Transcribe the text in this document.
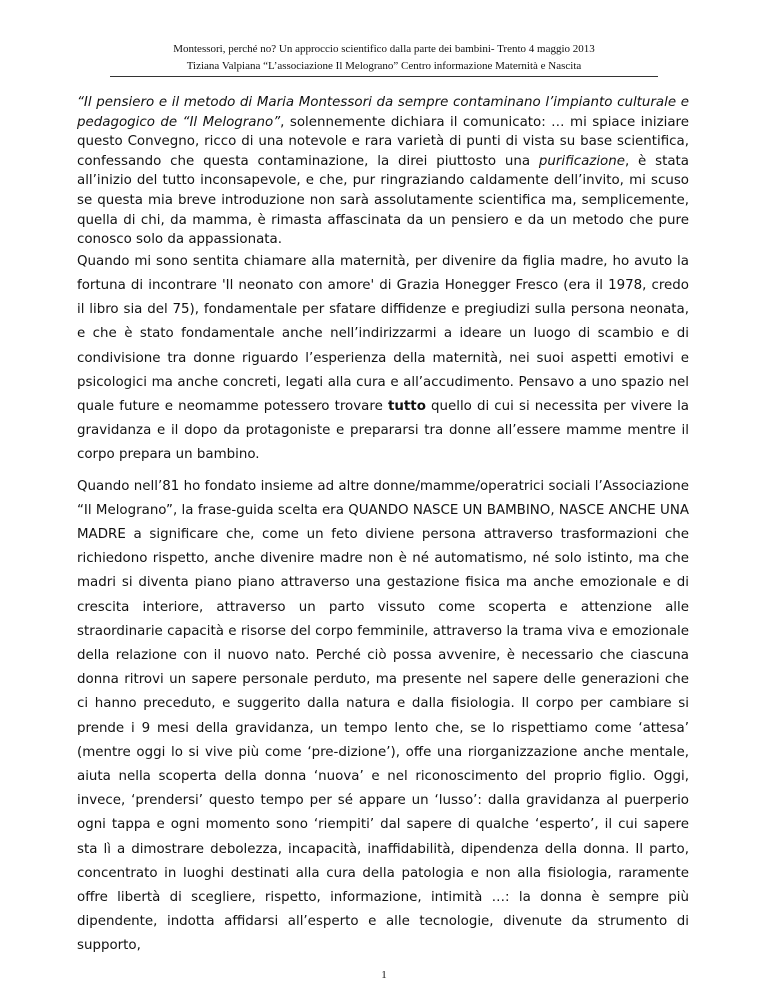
Montessori, perché no? Un approccio scientifico dalla parte dei bambini- Trento 4 maggio 2013
Tiziana Valpiana “L’associazione Il Melograno” Centro informazione Maternità e Nascita

“Il pensiero e il metodo di Maria Montessori da sempre contaminano l’impianto culturale e pedagogico de “Il Melograno”, solennemente dichiara il comunicato: … mi spiace iniziare questo Convegno, ricco di una notevole e rara varietà di punti di vista su base scientifica, confessando che questa contaminazione, la direi piuttosto una purificazione, è stata all’inizio del tutto inconsapevole, e che, pur ringraziando caldamente dell’invito, mi scuso se questa mia breve introduzione non sarà assolutamente scientifica ma, semplicemente, quella di chi, da mamma, è rimasta affascinata da un pensiero e da un metodo che pure conosco solo da appassionata.

Quando mi sono sentita chiamare alla maternità, per divenire da figlia madre, ho avuto la fortuna di incontrare 'Il neonato con amore' di Grazia Honegger Fresco (era il 1978, credo il libro sia del 75), fondamentale per sfatare diffidenze e pregiudizi sulla persona neonata, e che è stato fondamentale anche nell’indirizzarmi a ideare un luogo di scambio e di condivisione tra donne riguardo l’esperienza della maternità, nei suoi aspetti emotivi e psicologici ma anche concreti, legati alla cura e all’accudimento. Pensavo a uno spazio nel quale future e neomamme potessero trovare tutto quello di cui si necessita per vivere la gravidanza e il dopo da protagoniste e prepararsi tra donne all’essere mamme mentre il corpo prepara un bambino.

Quando nell’81 ho fondato insieme ad altre donne/mamme/operatrici sociali l’Associazione “Il Melograno”, la frase-guida scelta era QUANDO NASCE UN BAMBINO, NASCE ANCHE UNA MADRE a significare che, come un feto diviene persona attraverso trasformazioni che richiedono rispetto, anche divenire madre non è né automatismo, né solo istinto, ma che madri si diventa piano piano attraverso una gestazione fisica ma anche emozionale e di crescita interiore, attraverso un parto vissuto come scoperta e attenzione alle straordinarie capacità e risorse del corpo femminile, attraverso la trama viva e emozionale della relazione con il nuovo nato. Perché ciò possa avvenire, è necessario che ciascuna donna ritrovi un sapere personale perduto, ma presente nel sapere delle generazioni che ci hanno preceduto, e suggerito dalla natura e dalla fisiologia. Il corpo per cambiare si prende i 9 mesi della gravidanza, un tempo lento che, se lo rispettiamo come ‘attesa’ (mentre oggi lo si vive più come ‘pre-dizione’), offe una riorganizzazione anche mentale, aiuta nella scoperta della donna ‘nuova’ e nel riconoscimento del proprio figlio. Oggi, invece, ‘prendersi’ questo tempo per sé appare un ‘lusso’: dalla gravidanza al puerperio ogni tappa e ogni momento sono ‘riempiti’ dal sapere di qualche ‘esperto’, il cui sapere sta lì a dimostrare debolezza, incapacità, inaffidabilità, dipendenza della donna. Il parto, concentrato in luoghi destinati alla cura della patologia e non alla fisiologia, raramente offre libertà di scegliere, rispetto, informazione, intimità …: la donna è sempre più dipendente, indotta affidarsi all’esperto e alle tecnologie, divenute da strumento di supporto,

1
